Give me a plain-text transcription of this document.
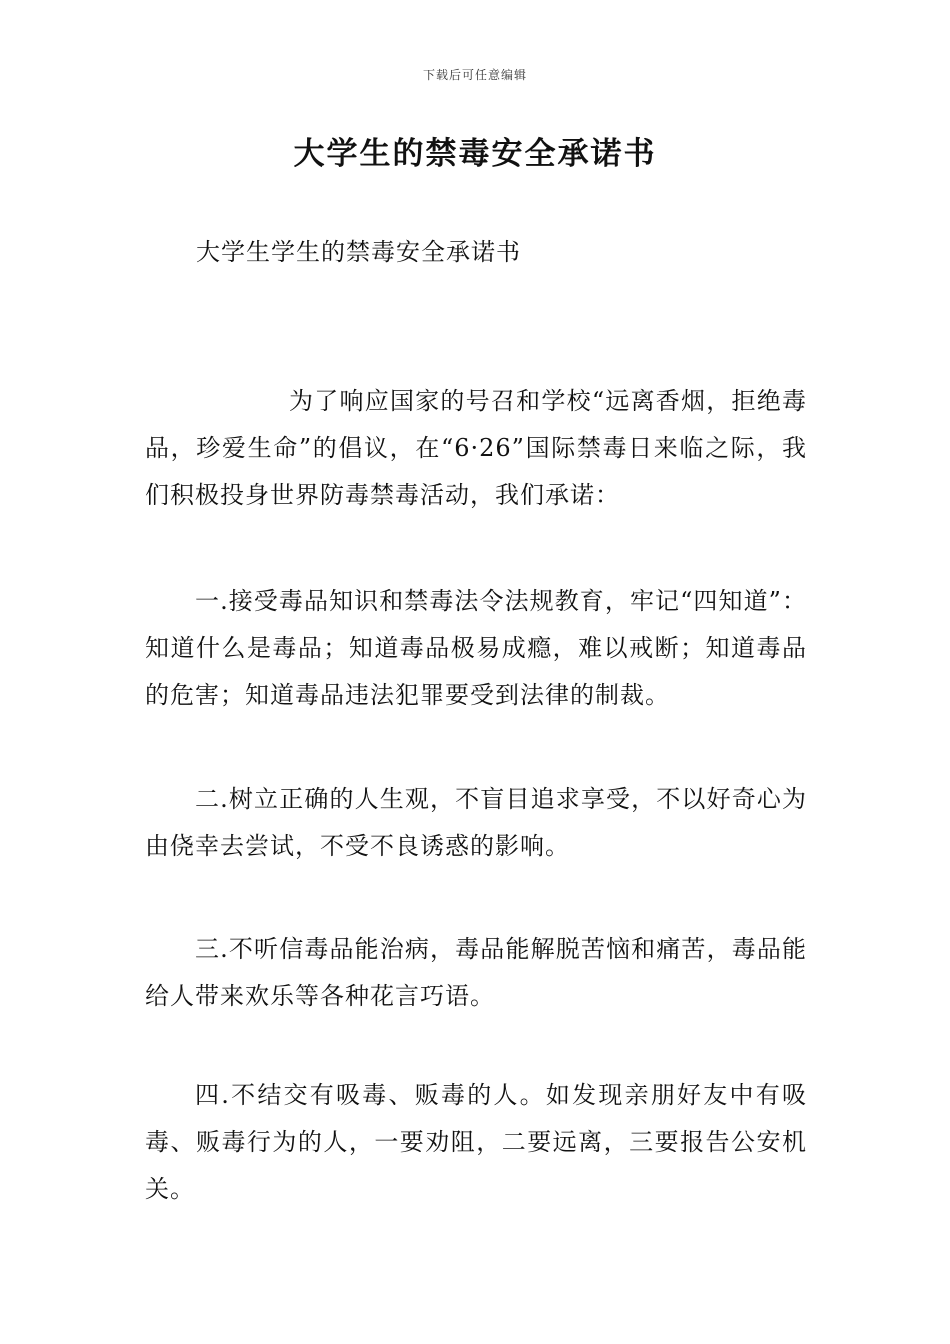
下载后可任意编辑
大学生的禁毒安全承诺书
大学生学生的禁毒安全承诺书

为了响应国家的号召和学校“远离香烟，拒绝毒品，珍爱生命”的倡议，在“6·26”国际禁毒日来临之际，我们积极投身世界防毒禁毒活动，我们承诺：

一.接受毒品知识和禁毒法令法规教育，牢记“四知道”：知道什么是毒品；知道毒品极易成瘾，难以戒断；知道毒品的危害；知道毒品违法犯罪要受到法律的制裁。

二.树立正确的人生观，不盲目追求享受，不以好奇心为由侥幸去尝试，不受不良诱惑的影响。

三.不听信毒品能治病，毒品能解脱苦恼和痛苦，毒品能给人带来欢乐等各种花言巧语。

四.不结交有吸毒、贩毒的人。如发现亲朋好友中有吸毒、贩毒行为的人，一要劝阻，二要远离，三要报告公安机关。
